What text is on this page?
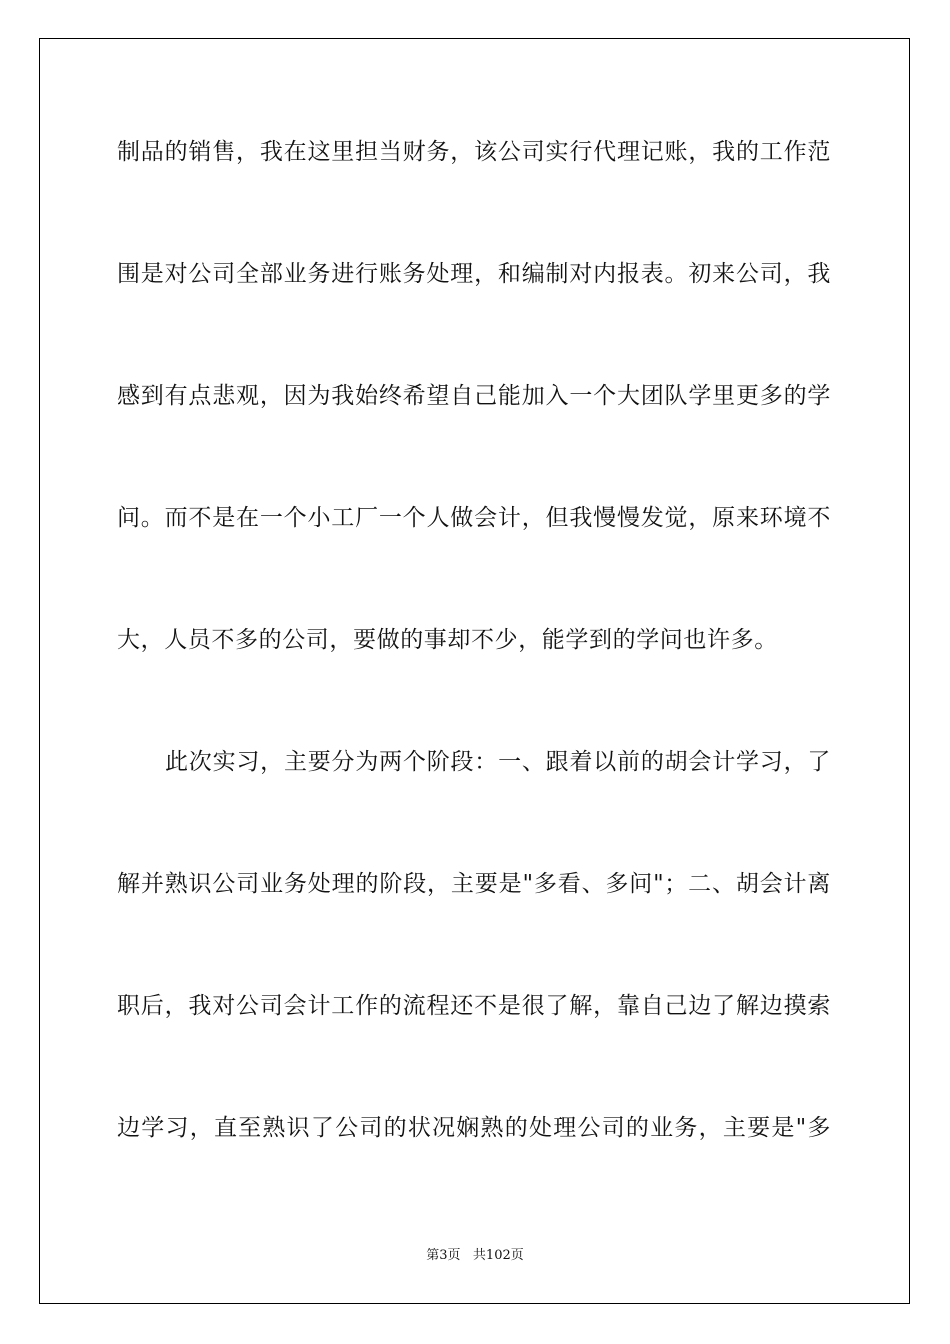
制品的销售，我在这里担当财务，该公司实行代理记账，我的工作范
围是对公司全部业务进行账务处理，和编制对内报表。初来公司，我
感到有点悲观，因为我始终希望自己能加入一个大团队学里更多的学
问。而不是在一个小工厂一个人做会计，但我慢慢发觉，原来环境不
大，人员不多的公司，要做的事却不少，能学到的学问也许多。
此次实习，主要分为两个阶段：一、跟着以前的胡会计学习，了
解并熟识公司业务处理的阶段，主要是"多看、多问"；二、胡会计离
职后，我对公司会计工作的流程还不是很了解，靠自己边了解边摸索
边学习，直至熟识了公司的状况娴熟的处理公司的业务，主要是"多
第3页 共102页
